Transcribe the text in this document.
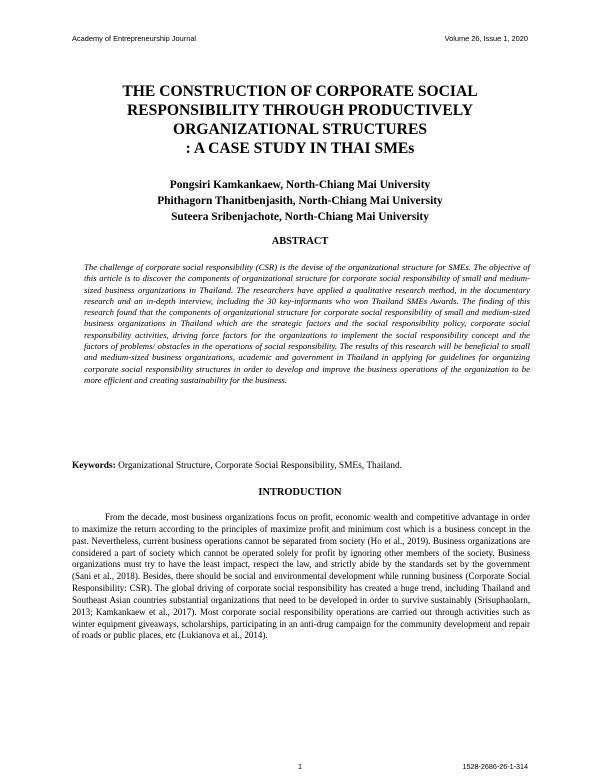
Academy of Entrepreneurship Journal	Volume 26, Issue 1, 2020
THE CONSTRUCTION OF CORPORATE SOCIAL
RESPONSIBILITY THROUGH PRODUCTIVELY
ORGANIZATIONAL STRUCTURES
: A CASE STUDY IN THAI SMEs
Pongsiri Kamkankaew, North-Chiang Mai University
Phithagorn Thanitbenjasith, North-Chiang Mai University
Suteera Sribenjachote, North-Chiang Mai University
ABSTRACT
The challenge of corporate social responsibility (CSR) is the devise of the organizational structure for SMEs. The objective of this article is to discover the components of organizational structure for corporate social responsibility of small and medium-sized business organizations in Thailand. The researchers have applied a qualitative research method, in the documentary research and an in-depth interview, including the 30 key-informants who won Thailand SMEs Awards. The finding of this research found that the components of organizational structure for corporate social responsibility of small and medium-sized business organizations in Thailand which are the strategic factors and the social responsibility policy, corporate social responsibility activities, driving force factors for the organizations to implement the social responsibility concept and the factors of problems/ obstacles in the operations of social responsibility. The results of this research will be beneficial to small and medium-sized business organizations, academic and government in Thailand in applying for guidelines for organizing corporate social responsibility structures in order to develop and improve the business operations of the organization to be more efficient and creating sustainability for the business.
Keywords: Organizational Structure, Corporate Social Responsibility, SMEs, Thailand.
INTRODUCTION
From the decade, most business organizations focus on profit, economic wealth and competitive advantage in order to maximize the return according to the principles of maximize profit and minimum cost which is a business concept in the past. Nevertheless, current business operations cannot be separated from society (Ho et al., 2019). Business organizations are considered a part of society which cannot be operated solely for profit by ignoring other members of the society. Business organizations must try to have the least impact, respect the law, and strictly abide by the standards set by the government (Sani et al., 2018). Besides, there should be social and environmental development while running business (Corporate Social Responsibility: CSR). The global driving of corporate social responsibility has created a huge trend, including Thailand and Southeast Asian countries substantial organizations that need to be developed in order to survive sustainably (Srisuphaolarn, 2013; Kamkankaew et al., 2017). Most corporate social responsibility operations are carried out through activities such as winter equipment giveaways, scholarships, participating in an anti-drug campaign for the community development and repair of roads or public places, etc (Lukianova et al., 2014).
1	1528-2686-26-1-314
